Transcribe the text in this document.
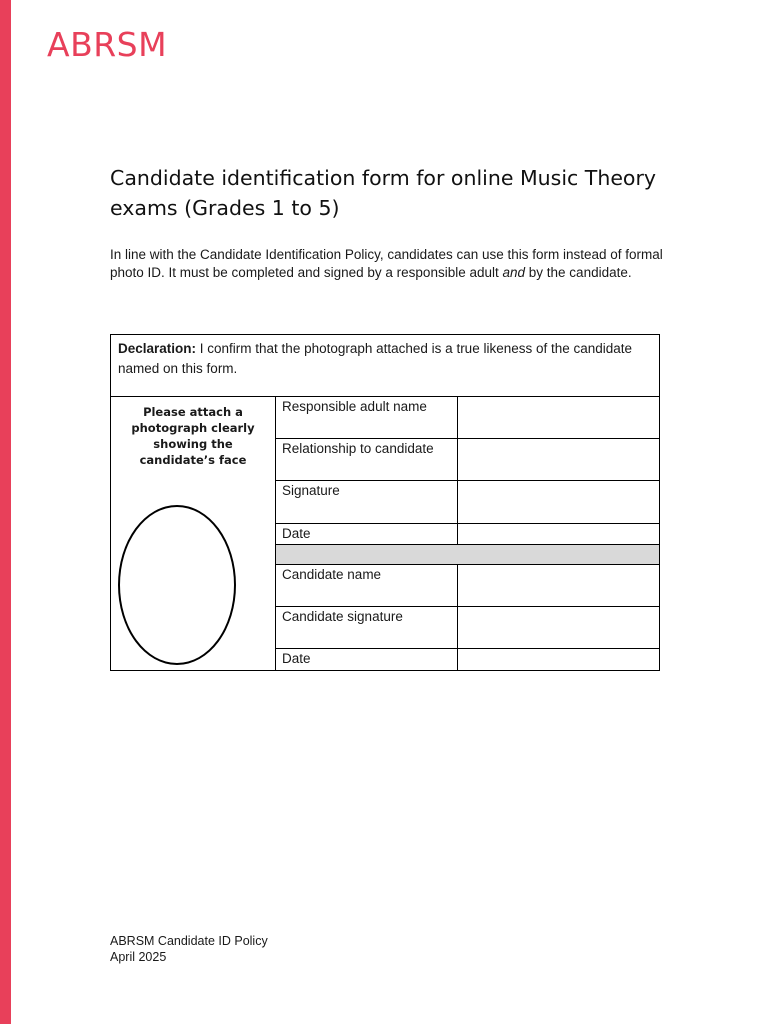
ABRSM
Candidate identification form for online Music Theory exams (Grades 1 to 5)

In line with the Candidate Identification Policy, candidates can use this form instead of formal photo ID. It must be completed and signed by a responsible adult and by the candidate.

Declaration: I confirm that the photograph attached is a true likeness of the candidate named on this form.		

Please attach a photograph clearly showing the candidate’s face	Responsible adult name	
	Relationship to candidate	
	Signature	
	Date	

	Candidate name	
	Candidate signature	
	Date	
ABRSM Candidate ID Policy
April 2025
